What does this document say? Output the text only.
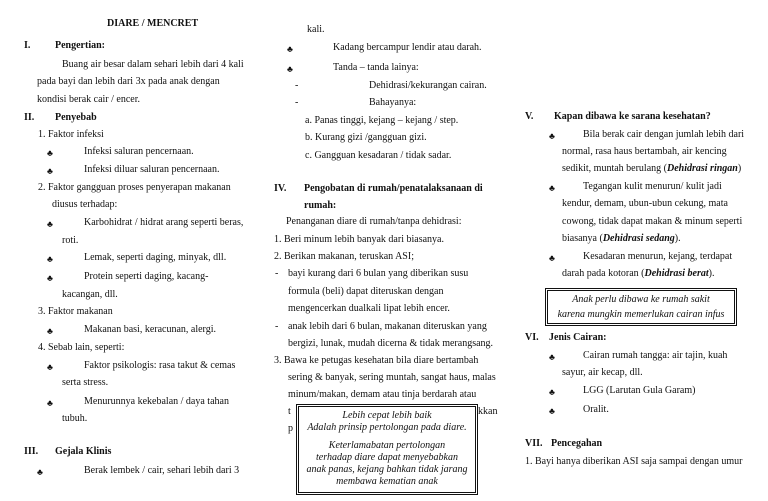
DIARE / MENCRET
I. Pengertian:
Buang air besar dalam sehari lebih dari 4 kali
pada bayi dan lebih dari 3x pada anak dengan
kondisi berak cair / encer.
II. Penyebab
1. Faktor infeksi
♣	Infeksi saluran pencernaan.
♣	Infeksi diluar saluran pencernaan.
2. Faktor gangguan proses penyerapan makanan
diusus terhadap:
♣	Karbohidrat / hidrat arang seperti beras,
roti.
♣	Lemak, seperti daging, minyak, dll.
♣	Protein seperti daging, kacang-
kacangan, dll.
3. Faktor makanan
♣	Makanan basi, keracunan, alergi.
4. Sebab lain, seperti:
♣	Faktor psikologis: rasa takut & cemas
serta stress.
♣	Menurunnya kekebalan / daya tahan
tubuh.
III. Gejala Klinis
♣	Berak lembek / cair, sehari lebih dari 3
kali.
♣	Kadang bercampur lendir atau darah.
♣	Tanda – tanda lainya:
-	Dehidrasi/kekurangan cairan.
-	Bahayanya:
a. Panas tinggi, kejang – kejang / step.
b. Kurang gizi /gangguan gizi.
c. Gangguan kesadaran / tidak sadar.
IV. Pengobatan di rumah/penatalaksanaan di
rumah:
Penanganan diare di rumah/tanpa dehidrasi:
1. Beri minum lebih banyak dari biasanya.
2. Berikan makanan, teruskan ASI;
- bayi kurang dari 6 bulan yang diberikan susu
formula (beli) dapat diteruskan dengan
mengencerkan dualkali lipat lebih encer.
- anak lebih dari 6 bulan, makanan diteruskan yang
bergizi, lunak, mudah dicerna & tidak merangsang.
3. Bawa ke petugas kesehatan bila diare bertambah
sering & banyak, sering muntah, sangat haus, malas
minum/makan, demam atau tinja berdarah atau
t	kkan
p
Lebih cepat lebih baik
Adalah prinsip pertolongan pada diare.
Keterlamabatan pertolongan
terhadap diare dapat menyebabkan
anak panas, kejang bahkan tidak jarang
membawa kematian anak
V. Kapan dibawa ke sarana kesehatan?
♣	Bila berak cair dengan jumlah lebih dari
normal, rasa haus bertambah, air kencing
sedikit, muntah berulang (Dehidrasi ringan)
♣	Tegangan kulit menurun/ kulit jadi
kendur, demam, ubun-ubun cekung, mata
cowong, tidak dapat makan & minum seperti
biasanya (Dehidrasi sedang).
♣	Kesadaran menurun, kejang, terdapat
darah pada kotoran (Dehidrasi berat).
Anak perlu dibawa ke rumah sakit
karena mungkin memerlukan cairan infus
VI. Jenis Cairan:
♣	Cairan rumah tangga: air tajin, kuah
sayur, air kecap, dll.
♣	LGG (Larutan Gula Garam)
♣	Oralit.
VII. Pencegahan
1. Bayi hanya diberikan ASI saja sampai dengan umur
